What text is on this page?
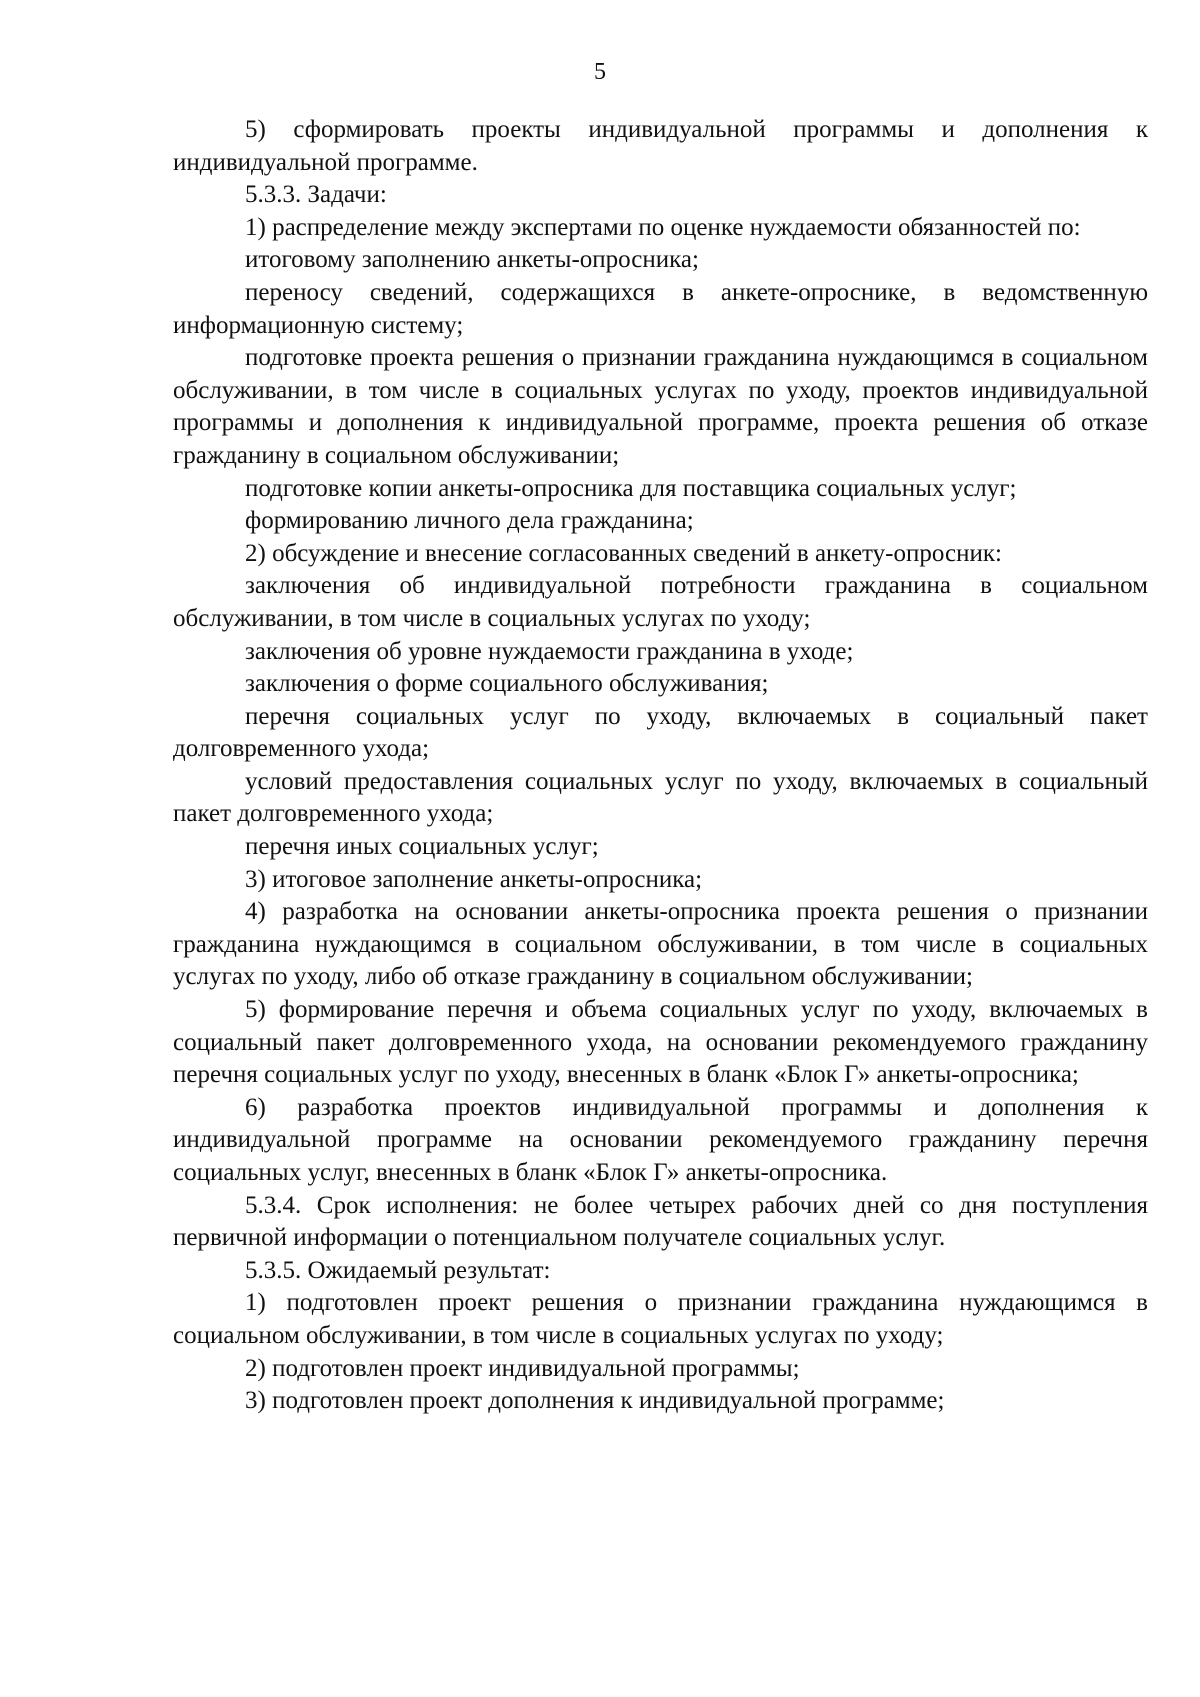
5

5) сформировать проекты индивидуальной программы и дополнения к индивидуальной программе.

5.3.3. Задачи:

1) распределение между экспертами по оценке нуждаемости обязанностей по:

итоговому заполнению анкеты-опросника;

переносу сведений, содержащихся в анкете-опроснике, в ведомственную информационную систему;

подготовке проекта решения о признании гражданина нуждающимся в социальном обслуживании, в том числе в социальных услугах по уходу, проектов индивидуальной программы и дополнения к индивидуальной программе, проекта решения об отказе гражданину в социальном обслуживании;

подготовке копии анкеты-опросника для поставщика социальных услуг;

формированию личного дела гражданина;

2) обсуждение и внесение согласованных сведений в анкету-опросник:

заключения об индивидуальной потребности гражданина в социальном обслуживании, в том числе в социальных услугах по уходу;

заключения об уровне нуждаемости гражданина в уходе;

заключения о форме социального обслуживания;

перечня социальных услуг по уходу, включаемых в социальный пакет долговременного ухода;

условий предоставления социальных услуг по уходу, включаемых в социальный пакет долговременного ухода;

перечня иных социальных услуг;

3) итоговое заполнение анкеты-опросника;

4) разработка на основании анкеты-опросника проекта решения о признании гражданина нуждающимся в социальном обслуживании, в том числе в социальных услугах по уходу, либо об отказе гражданину в социальном обслуживании;

5) формирование перечня и объема социальных услуг по уходу, включаемых в социальный пакет долговременного ухода, на основании рекомендуемого гражданину перечня социальных услуг по уходу, внесенных в бланк «Блок Г» анкеты-опросника;

6) разработка проектов индивидуальной программы и дополнения к индивидуальной программе на основании рекомендуемого гражданину перечня социальных услуг, внесенных в бланк «Блок Г» анкеты-опросника.

5.3.4. Срок исполнения: не более четырех рабочих дней со дня поступления первичной информации о потенциальном получателе социальных услуг.

5.3.5. Ожидаемый результат:

1) подготовлен проект решения о признании гражданина нуждающимся в социальном обслуживании, в том числе в социальных услугах по уходу;

2) подготовлен проект индивидуальной программы;

3) подготовлен проект дополнения к индивидуальной программе;
